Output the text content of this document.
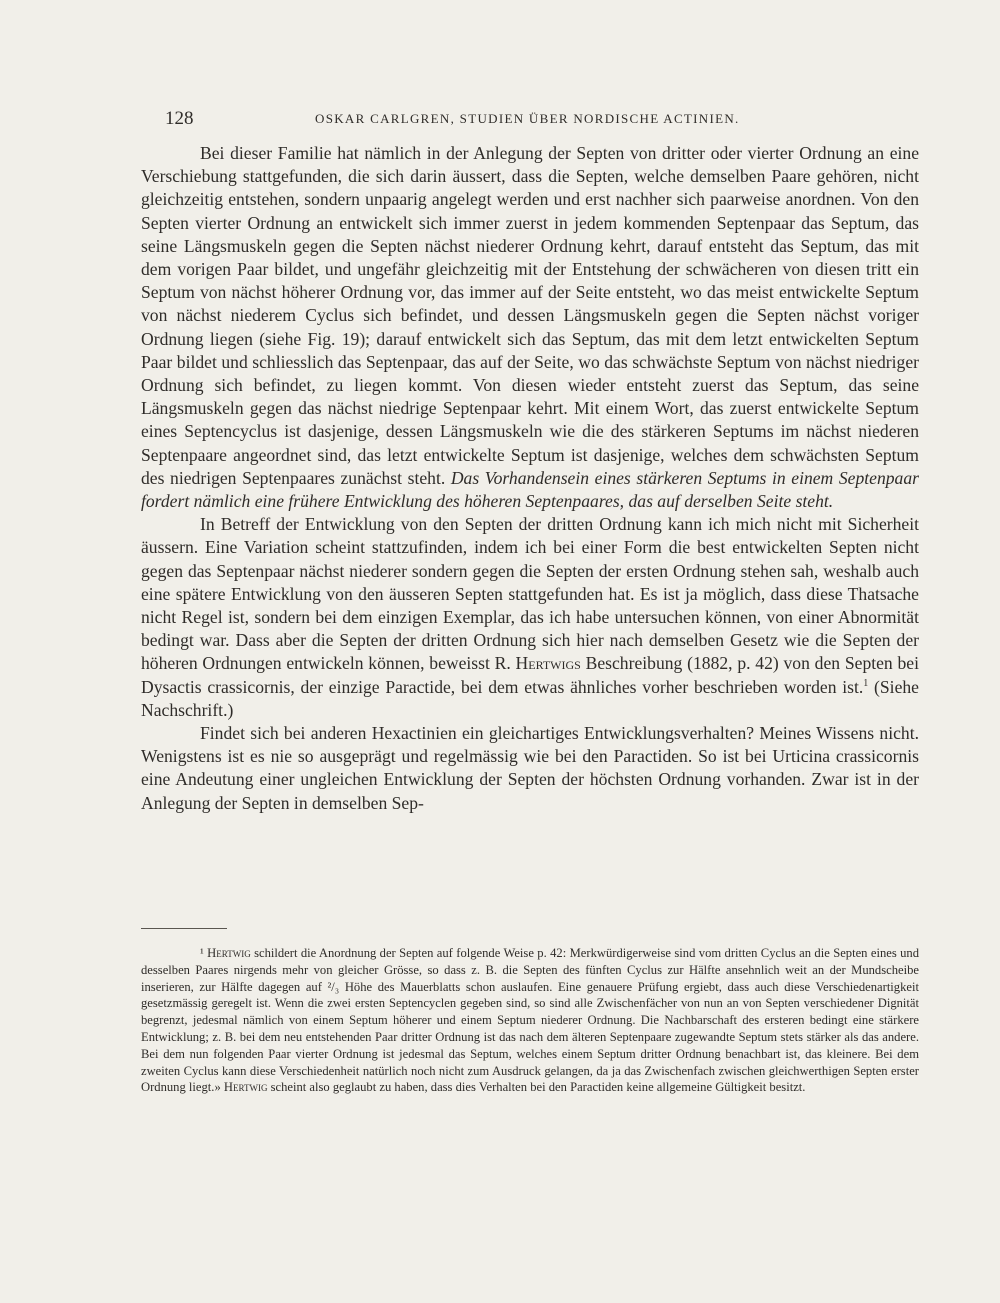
128	OSKAR CARLGREN, STUDIEN ÜBER NORDISCHE ACTINIEN.

Bei dieser Familie hat nämlich in der Anlegung der Septen von dritter oder vierter Ordnung an eine Verschiebung stattgefunden, die sich darin äussert, dass die Septen, welche demselben Paare gehören, nicht gleichzeitig entstehen, sondern unpaarig angelegt werden und erst nachher sich paarweise anordnen. Von den Septen vierter Ordnung an entwickelt sich immer zuerst in jedem kommenden Septenpaar das Septum, das seine Längsmuskeln gegen die Septen nächst niederer Ordnung kehrt, darauf entsteht das Septum, das mit dem vorigen Paar bildet, und ungefähr gleichzeitig mit der Entstehung der schwächeren von diesen tritt ein Septum von nächst höherer Ordnung vor, das immer auf der Seite entsteht, wo das meist entwickelte Septum von nächst niederem Cyclus sich befindet, und dessen Längsmuskeln gegen die Septen nächst voriger Ordnung liegen (siehe Fig. 19); darauf entwickelt sich das Septum, das mit dem letzt entwickelten Septum Paar bildet und schliesslich das Septenpaar, das auf der Seite, wo das schwächste Septum von nächst niedriger Ordnung sich befindet, zu liegen kommt. Von diesen wieder entsteht zuerst das Septum, das seine Längsmuskeln gegen das nächst niedrige Septenpaar kehrt. Mit einem Wort, das zuerst entwickelte Septum eines Septencyclus ist dasjenige, dessen Längsmuskeln wie die des stärkeren Septums im nächst niederen Septenpaare angeordnet sind, das letzt entwickelte Septum ist dasjenige, welches dem schwächsten Septum des niedrigen Septenpaares zunächst steht. Das Vorhandensein eines stärkeren Septums in einem Septenpaar fordert nämlich eine frühere Entwicklung des höheren Septenpaares, das auf derselben Seite steht.

In Betreff der Entwicklung von den Septen der dritten Ordnung kann ich mich nicht mit Sicherheit äussern. Eine Variation scheint stattzufinden, indem ich bei einer Form die best entwickelten Septen nicht gegen das Septenpaar nächst niederer sondern gegen die Septen der ersten Ordnung stehen sah, weshalb auch eine spätere Entwicklung von den äusseren Septen stattgefunden hat. Es ist ja möglich, dass diese Thatsache nicht Regel ist, sondern bei dem einzigen Exemplar, das ich habe untersuchen können, von einer Abnormität bedingt war. Dass aber die Septen der dritten Ordnung sich hier nach demselben Gesetz wie die Septen der höheren Ordnungen entwickeln können, beweisst R. Hertwigs Beschreibung (1882, p. 42) von den Septen bei Dysactis crassicornis, der einzige Paractide, bei dem etwas ähnliches vorher beschrieben worden ist.$^1$ (Siehe Nachschrift.)

Findet sich bei anderen Hexactinien ein gleichartiges Entwicklungsverhalten? Meines Wissens nicht. Wenigstens ist es nie so ausgeprägt und regelmässig wie bei den Paractiden. So ist bei Urticina crassicornis eine Andeutung einer ungleichen Entwicklung der Septen der höchsten Ordnung vorhanden. Zwar ist in der Anlegung der Septen in demselben Sep-

¹ Hertwig schildert die Anordnung der Septen auf folgende Weise p. 42: Merkwürdigerweise sind vom dritten Cyclus an die Septen eines und desselben Paares nirgends mehr von gleicher Grösse, so dass z. B. die Septen des fünften Cyclus zur Hälfte ansehnlich weit an der Mundscheibe inserieren, zur Hälfte dagegen auf ²/₃ Höhe des Mauerblatts schon auslaufen. Eine genauere Prüfung ergiebt, dass auch diese Verschiedenartigkeit gesetzmässig geregelt ist. Wenn die zwei ersten Septencyclen gegeben sind, so sind alle Zwischenfächer von nun an von Septen verschiedener Dignität begrenzt, jedesmal nämlich von einem Septum höherer und einem Septum niederer Ordnung. Die Nachbarschaft des ersteren bedingt eine stärkere Entwicklung; z. B. bei dem neu entstehenden Paar dritter Ordnung ist das nach dem älteren Septenpaare zugewandte Septum stets stärker als das andere. Bei dem nun folgenden Paar vierter Ordnung ist jedesmal das Septum, welches einem Septum dritter Ordnung benachbart ist, das kleinere. Bei dem zweiten Cyclus kann diese Verschiedenheit natürlich noch nicht zum Ausdruck gelangen, da ja das Zwischenfach zwischen gleichwerthigen Septen erster Ordnung liegt.» Hertwig scheint also geglaubt zu haben, dass dies Verhalten bei den Paractiden keine allgemeine Gültigkeit besitzt.
